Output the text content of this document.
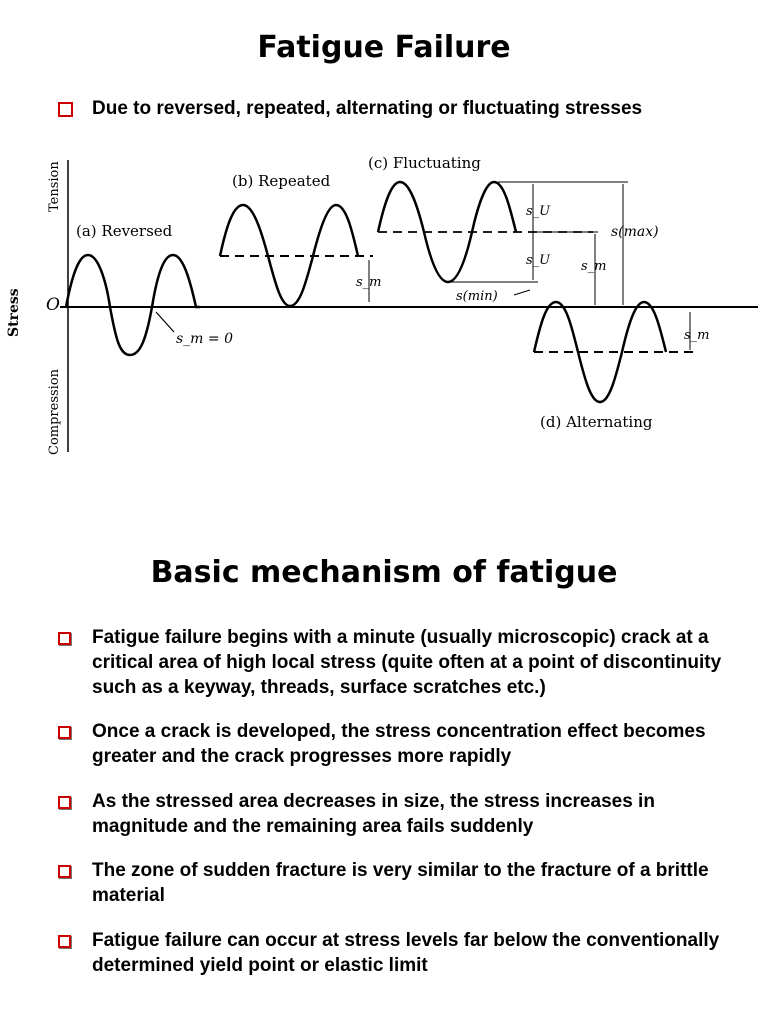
Fatigue Failure
Due to reversed, repeated, alternating or fluctuating stresses
Stress
Tension
Compression
O
(a) Reversed
s_m = 0
(b) Repeated
s_m
(c) Fluctuating
s_U
s_U s_m
s(max)
s(min)
(d) Alternating
s_m
Basic mechanism of fatigue
Fatigue failure begins with a minute (usually microscopic) crack at a critical area of high local stress (quite often at a point of discontinuity such as a keyway, threads, surface scratches etc.)
Once a crack is developed, the stress concentration effect becomes greater and the crack progresses more rapidly
As the stressed area decreases in size, the stress increases in magnitude and the remaining area fails suddenly
The zone of sudden fracture is very similar to the fracture of a brittle material
Fatigue failure can occur at stress levels far below the conventionally determined yield point or elastic limit
